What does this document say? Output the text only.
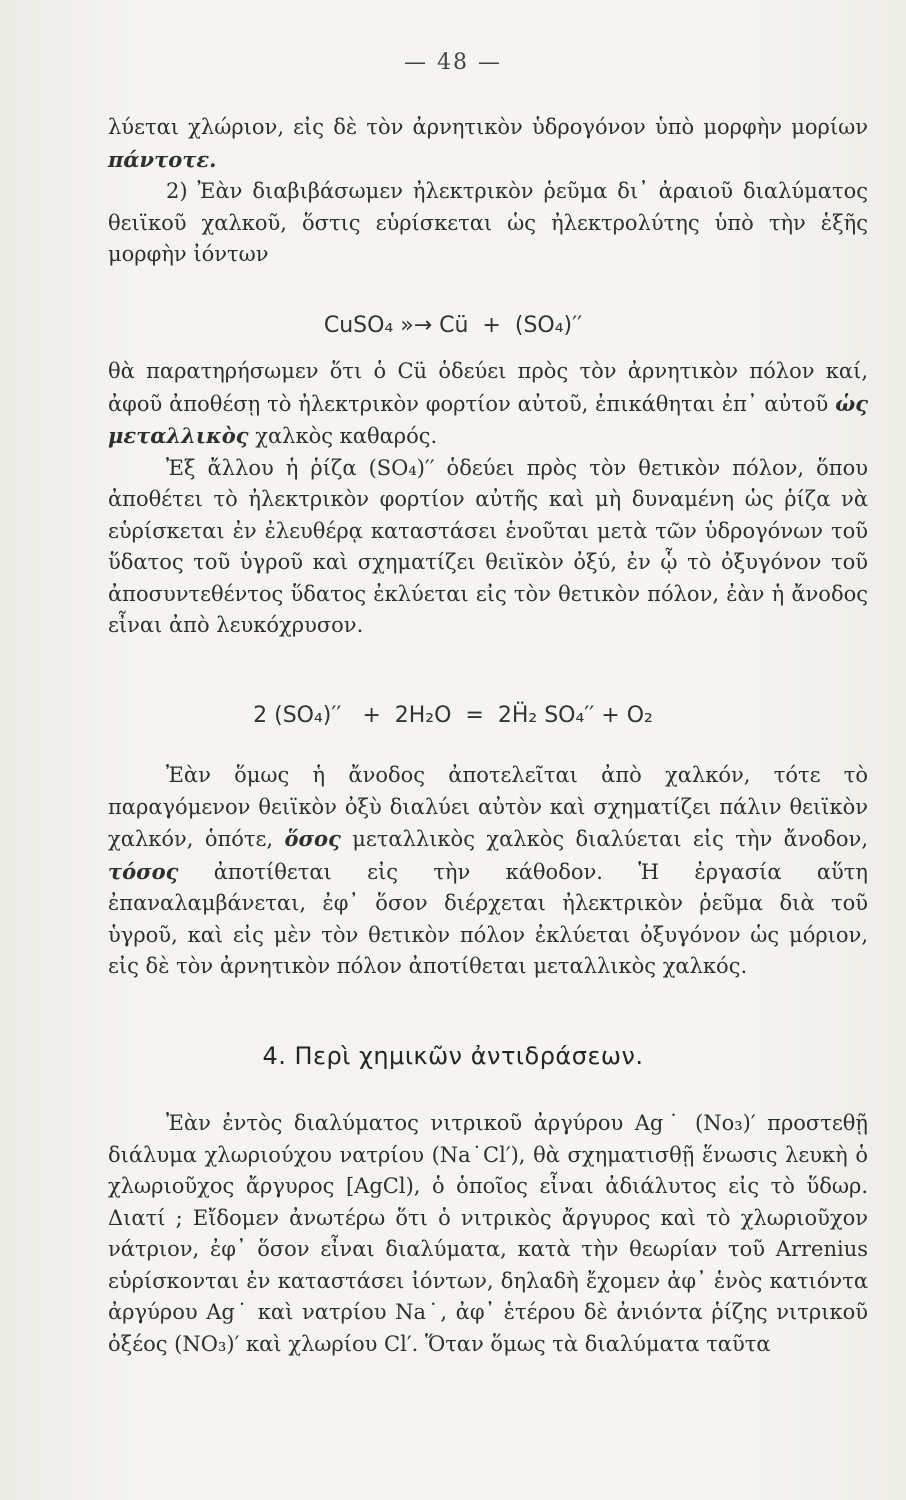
— 48 —

λύεται χλώριον, εἰς δὲ τὸν ἀρνητικὸν ὑδρογόνον ὑπὸ μορφὴν μορίων πάντοτε.

2) Ἐὰν διαβιβάσωμεν ἠλεκτρικὸν ῥεῦμα δι᾿ ἀραιοῦ διαλύματος θειϊκοῦ χαλκοῦ, ὅστις εὑρίσκεται ὡς ἠλεκτρολύτης ὑπὸ τὴν ἑξῆς μορφὴν ἰόντων

CuSO₄ »→ Cü  +  (SO₄)′′

θὰ παρατηρήσωμεν ὅτι ὁ Cü ὁδεύει πρὸς τὸν ἀρνητικὸν πόλον καί, ἀφοῦ ἀποθέσῃ τὸ ἠλεκτρικὸν φορτίον αὐτοῦ, ἐπικάθηται ἐπ᾿ αὐτοῦ ὡς μεταλλικὸς χαλκὸς καθαρός.

Ἐξ ἄλλου ἡ ῥίζα (SO₄)′′ ὁδεύει πρὸς τὸν θετικὸν πόλον, ὅπου ἀποθέτει τὸ ἠλεκτρικὸν φορτίον αὐτῆς καὶ μὴ δυναμένη ὡς ῥίζα νὰ εὑρίσκεται ἐν ἐλευθέρᾳ καταστάσει ἑνοῦται μετὰ τῶν ὑδρογόνων τοῦ ὕδατος τοῦ ὑγροῦ καὶ σχηματίζει θειϊκὸν ὀξύ, ἐν ᾧ τὸ ὀξυγόνον τοῦ ἀποσυντεθέντος ὕδατος ἐκλύεται εἰς τὸν θετικὸν πόλον, ἐὰν ἡ ἄνοδος εἶναι ἀπὸ λευκόχρυσον.

2 (SO₄)′′   +  2H₂O  =  2Ḧ₂ SO₄′′ + O₂

Ἐὰν ὅμως ἡ ἄνοδος ἀποτελεῖται ἀπὸ χαλκόν, τότε τὸ παραγόμενον θειϊκὸν ὀξὺ διαλύει αὐτὸν καὶ σχηματίζει πάλιν θειϊκὸν χαλκόν, ὁπότε, ὅσος μεταλλικὸς χαλκὸς διαλύεται εἰς τὴν ἄνοδον, τόσος ἀποτίθεται εἰς τὴν κάθοδον. Ἡ ἐργασία αὕτη ἐπαναλαμβάνεται, ἐφ᾿ ὅσον διέρχεται ἠλεκτρικὸν ῥεῦμα διὰ τοῦ ὑγροῦ, καὶ εἰς μὲν τὸν θετικὸν πόλον ἐκλύεται ὀξυγόνον ὡς μόριον, εἰς δὲ τὸν ἀρνητικὸν πόλον ἀποτίθεται μεταλλικὸς χαλκός.

4. Περὶ χημικῶν ἀντιδράσεων.

Ἐὰν ἐντὸς διαλύματος νιτρικοῦ ἀργύρου Ag˙ (No₃)′ προστεθῇ διάλυμα χλωριούχου νατρίου (Na˙Cl′), θὰ σχηματισθῇ ἕνωσις λευκὴ ὁ χλωριοῦχος ἄργυρος [AgCl), ὁ ὁποῖος εἶναι ἀδιάλυτος εἰς τὸ ὕδωρ. Διατί ; Εἴδομεν ἀνωτέρω ὅτι ὁ νιτρικὸς ἄργυρος καὶ τὸ χλωριοῦχον νάτριον, ἐφ᾿ ὅσον εἶναι διαλύματα, κατὰ τὴν θεωρίαν τοῦ Arrenius εὑρίσκονται ἐν καταστάσει ἰόντων, δηλαδὴ ἔχομεν ἀφ᾿ ἑνὸς κατιόντα ἀργύρου Ag˙ καὶ νατρίου Na˙, ἀφ᾿ ἑτέρου δὲ ἀνιόντα ῥίζης νιτρικοῦ ὀξέος (NO₃)′ καὶ χλωρίου Cl′. Ὅταν ὅμως τὰ διαλύματα ταῦτα
